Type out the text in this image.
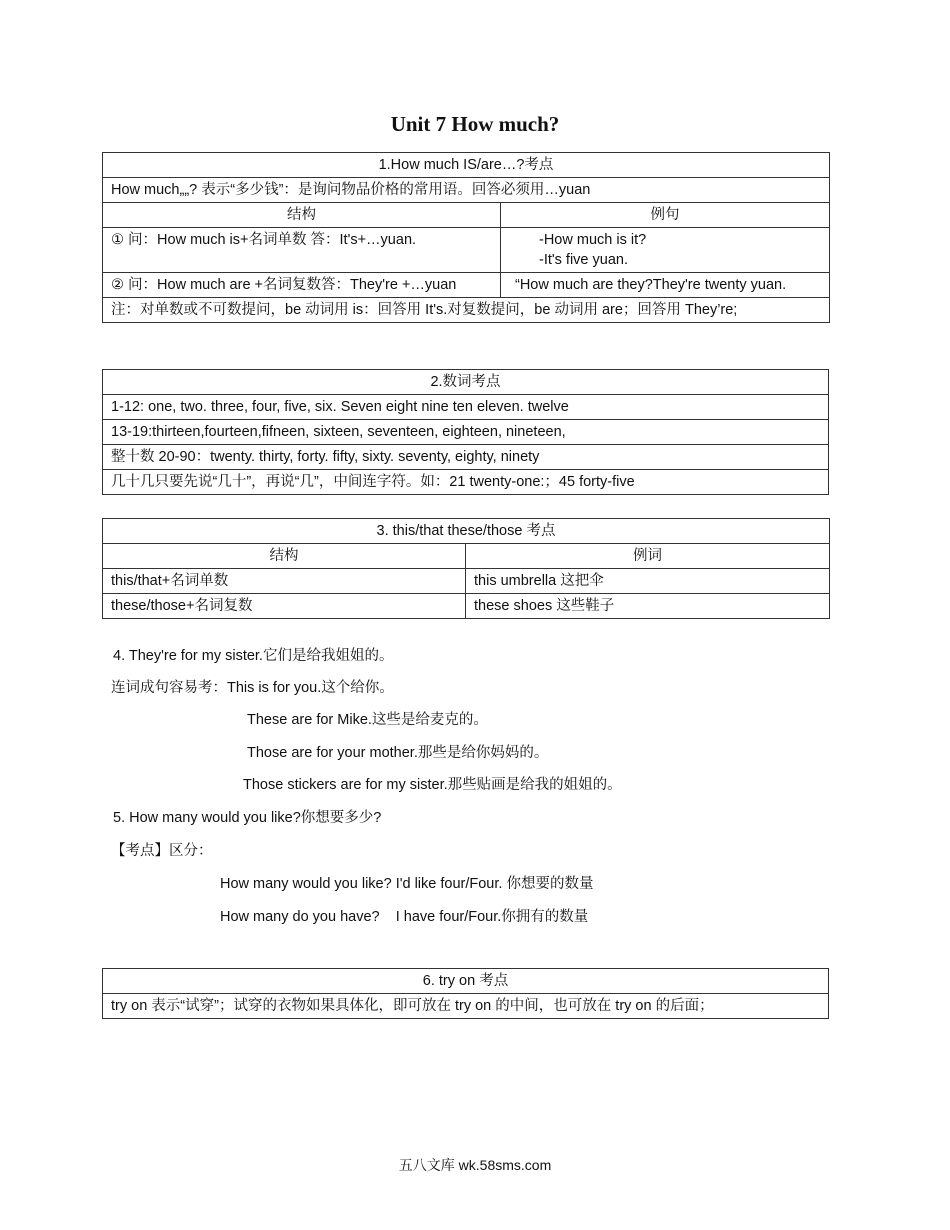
Unit 7 How much?
1.How much IS/are…?考点	
How much„„? 表示“多少钱”：是询问物品价格的常用语。回答必须用…yuan	
结构	例句
① 问：How much is+名词单数 答：It's+…yuan.	-How much is it?
-It's five yuan.

② 问：How much are +名词复数答：They're +…yuan	“How much are they?They're twenty yuan.
注：对单数或不可数提问，be 动词用 is：回答用 It's.对复数提问，be 动词用 are；回答用 They’re;	
2.数词考点
1-12: one, two. three, four, five, six. Seven eight nine ten eleven. twelve
13-19:thirteen,fourteen,fifneen, sixteen, seventeen, eighteen, nineteen,
整十数 20-90：twenty. thirty, forty. fifty, sixty. seventy, eighty, ninety
几十几只要先说“几十”，再说“几”，中间连字符。如：21 twenty-one:；45 forty-five
3. this/that these/those 考点	
结构	例词
this/that+名词单数	this umbrella 这把伞
these/those+名词复数	these shoes 这些鞋子
4. They're for my sister.它们是给我姐姐的。
连词成句容易考：This is for you.这个给你。
These are for Mike.这些是给麦克的。
Those are for your mother.那些是给你妈妈的。
Those stickers are for my sister.那些贴画是给我的姐姐的。
5. How many would you like?你想要多少?
【考点】区分：
How many would you like? I'd like four/Four. 你想要的数量
How many do you have?    I have four/Four.你拥有的数量
6. try on 考点
try on 表示“试穿”；试穿的衣物如果具体化，即可放在 try on 的中间，也可放在 try on 的后面；
五八文库 wk.58sms.com
